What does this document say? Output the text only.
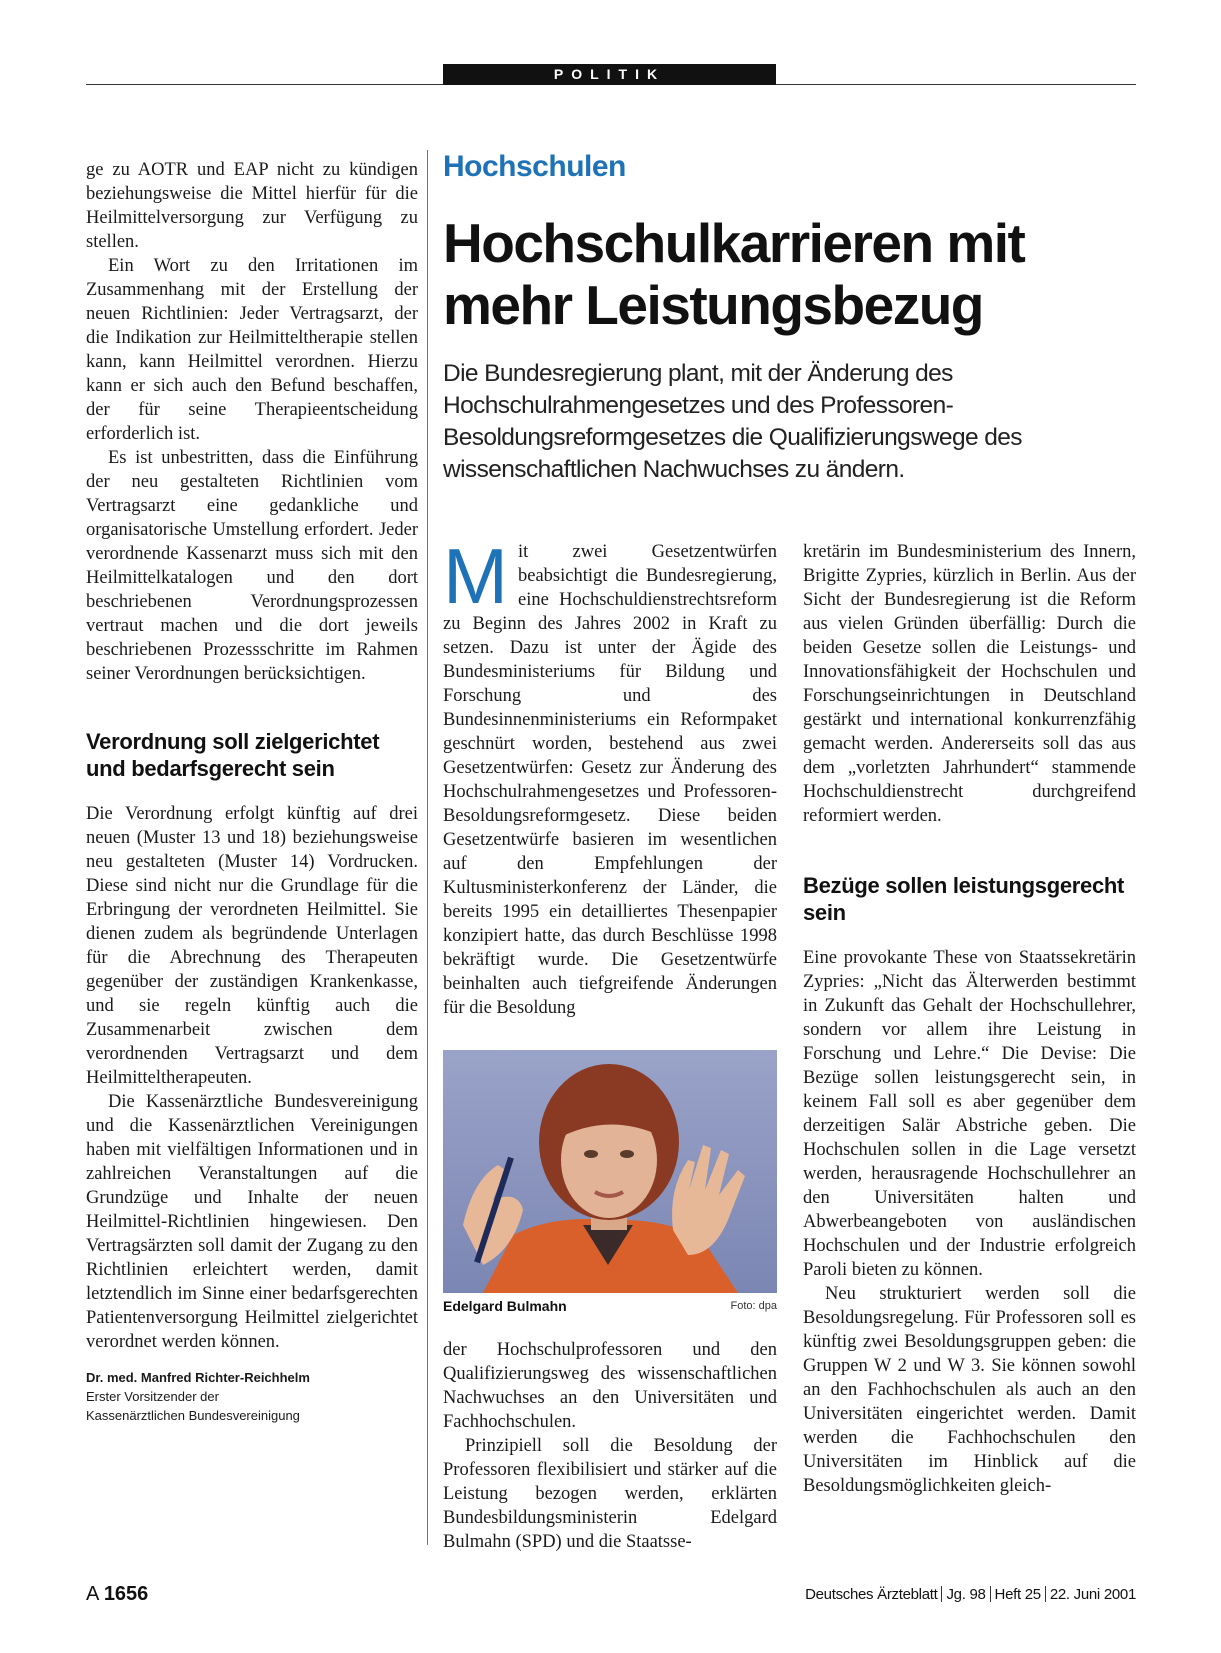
POLITIK

ge zu AOTR und EAP nicht zu kündigen beziehungsweise die Mittel hierfür für die Heilmittelversorgung zur Verfügung zu stellen.

Ein Wort zu den Irritationen im Zusammenhang mit der Erstellung der neuen Richtlinien: Jeder Vertragsarzt, der die Indikation zur Heilmitteltherapie stellen kann, kann Heilmittel verordnen. Hierzu kann er sich auch den Befund beschaffen, der für seine Therapieentscheidung erforderlich ist.

Es ist unbestritten, dass die Einführung der neu gestalteten Richtlinien vom Vertragsarzt eine gedankliche und organisatorische Umstellung erfordert. Jeder verordnende Kassenarzt muss sich mit den Heilmittelkatalogen und den dort beschriebenen Verordnungsprozessen vertraut machen und die dort jeweils beschriebenen Prozessschritte im Rahmen seiner Verordnungen berücksichtigen.

Verordnung soll zielgerichtet und bedarfsgerecht sein

Die Verordnung erfolgt künftig auf drei neuen (Muster 13 und 18) beziehungsweise neu gestalteten (Muster 14) Vordrucken. Diese sind nicht nur die Grundlage für die Erbringung der verordneten Heilmittel. Sie dienen zudem als begründende Unterlagen für die Abrechnung des Therapeuten gegenüber der zuständigen Krankenkasse, und sie regeln künftig auch die Zusammenarbeit zwischen dem verordnenden Vertragsarzt und dem Heilmitteltherapeuten.

Die Kassenärztliche Bundesvereinigung und die Kassenärztlichen Vereinigungen haben mit vielfältigen Informationen und in zahlreichen Veranstaltungen auf die Grundzüge und Inhalte der neuen Heilmittel-Richtlinien hingewiesen. Den Vertragsärzten soll damit der Zugang zu den Richtlinien erleichtert werden, damit letztendlich im Sinne einer bedarfsgerechten Patientenversorgung Heilmittel zielgerichtet verordnet werden können.

Dr. med. Manfred Richter-Reichhelm
Erster Vorsitzender der
Kassenärztlichen Bundesvereinigung
Hochschulen
Hochschulkarrieren mit
mehr Leistungsbezug

Die Bundesregierung plant, mit der Änderung des Hochschulrahmengesetzes und des Professoren-Besoldungsreformgesetzes die Qualifizierungswege des wissenschaftlichen Nachwuchses zu ändern.

Mit zwei Gesetzentwürfen beabsichtigt die Bundesregierung, eine Hochschuldienstrechtsreform zu Beginn des Jahres 2002 in Kraft zu setzen. Dazu ist unter der Ägide des Bundesministeriums für Bildung und Forschung und des Bundesinnenministeriums ein Reformpaket geschnürt worden, bestehend aus zwei Gesetzentwürfen: Gesetz zur Änderung des Hochschulrahmengesetzes und Professoren-Besoldungsreformgesetz. Diese beiden Gesetzentwürfe basieren im wesentlichen auf den Empfehlungen der Kultusministerkonferenz der Länder, die bereits 1995 ein detailliertes Thesenpapier konzipiert hatte, das durch Beschlüsse 1998 bekräftigt wurde. Die Gesetzentwürfe beinhalten auch tiefgreifende Änderungen für die Besoldung

Edelgard Bulmahn	Foto: dpa

der Hochschulprofessoren und den Qualifizierungsweg des wissenschaftlichen Nachwuchses an den Universitäten und Fachhochschulen.

Prinzipiell soll die Besoldung der Professoren flexibilisiert und stärker auf die Leistung bezogen werden, erklärten Bundesbildungsministerin Edelgard Bulmahn (SPD) und die Staatsse-

kretärin im Bundesministerium des Innern, Brigitte Zypries, kürzlich in Berlin. Aus der Sicht der Bundesregierung ist die Reform aus vielen Gründen überfällig: Durch die beiden Gesetze sollen die Leistungs- und Innovationsfähigkeit der Hochschulen und Forschungseinrichtungen in Deutschland gestärkt und international konkurrenzfähig gemacht werden. Andererseits soll das aus dem „vorletzten Jahrhundert“ stammende Hochschuldienstrecht durchgreifend reformiert werden.

Bezüge sollen leistungsgerecht sein

Eine provokante These von Staatssekretärin Zypries: „Nicht das Älterwerden bestimmt in Zukunft das Gehalt der Hochschullehrer, sondern vor allem ihre Leistung in Forschung und Lehre.“ Die Devise: Die Bezüge sollen leistungsgerecht sein, in keinem Fall soll es aber gegenüber dem derzeitigen Salär Abstriche geben. Die Hochschulen sollen in die Lage versetzt werden, herausragende Hochschullehrer an den Universitäten halten und Abwerbeangeboten von ausländischen Hochschulen und der Industrie erfolgreich Paroli bieten zu können.

Neu strukturiert werden soll die Besoldungsregelung. Für Professoren soll es künftig zwei Besoldungsgruppen geben: die Gruppen W 2 und W 3. Sie können sowohl an den Fachhochschulen als auch an den Universitäten eingerichtet werden. Damit werden die Fachhochschulen den Universitäten im Hinblick auf die Besoldungsmöglichkeiten gleich-

A 1656	Deutsches Ärzteblatt Jg. 98 Heft 25 22. Juni 2001
